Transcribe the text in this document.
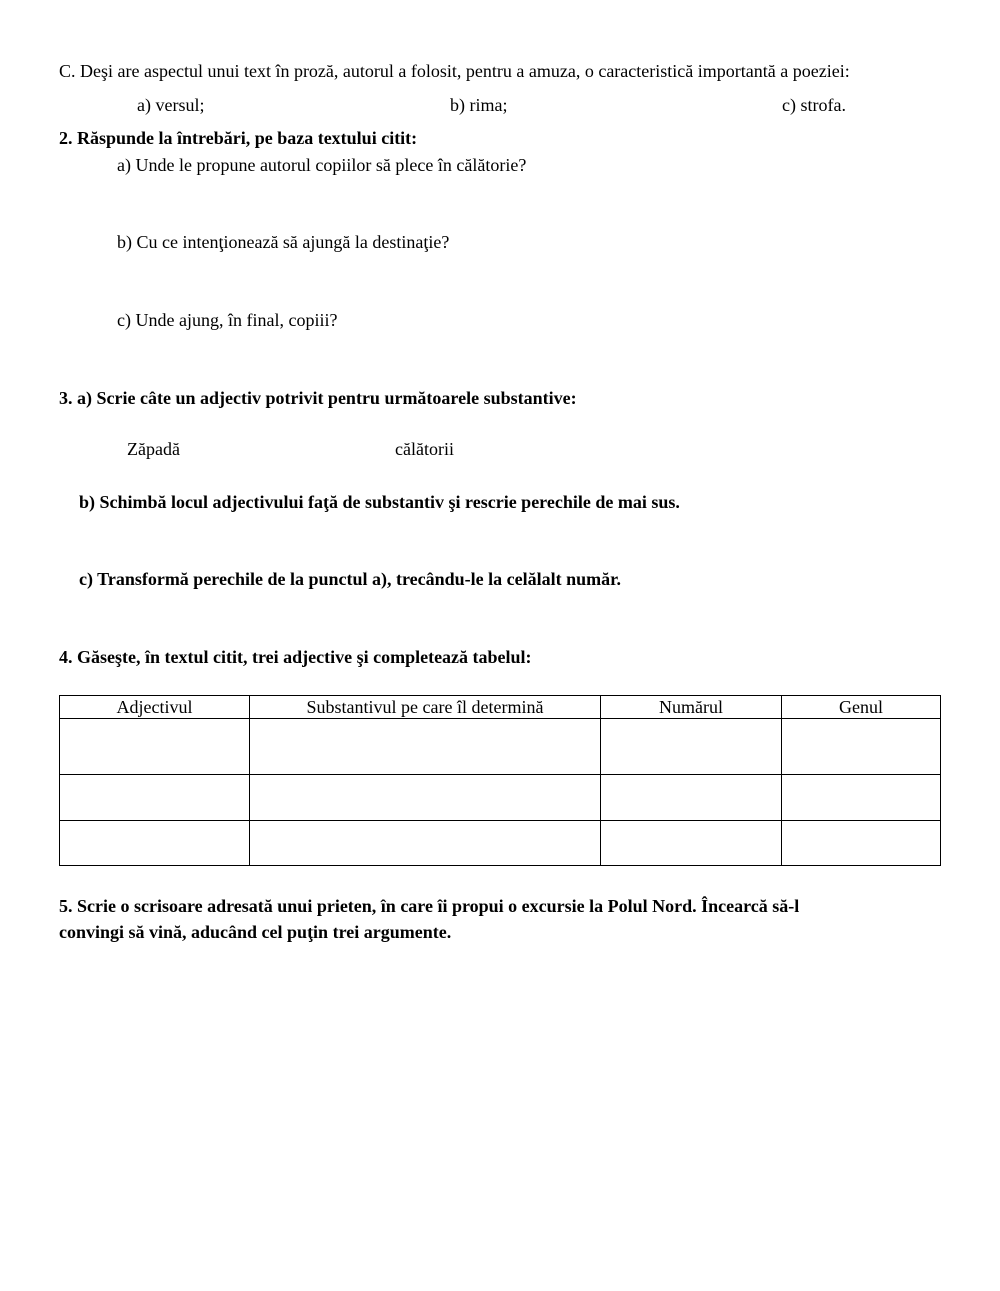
C. Deşi are aspectul unui text în proză, autorul a folosit, pentru a amuza, o caracteristică importantă a poeziei:
a) versul;	b) rima;	c) strofa.
2. Răspunde la întrebări, pe baza textului citit:
a) Unde le propune autorul copiilor să plece în călătorie?
b) Cu ce intenţionează să ajungă la destinaţie?
c) Unde ajung, în final, copiii?
3. a) Scrie câte un adjectiv potrivit pentru următoarele substantive:
Zăpadă	călătorii
b) Schimbă locul adjectivului faţă de substantiv şi rescrie perechile de mai sus.
c) Transformă perechile de la punctul a), trecându-le la celălalt număr.
4. Găseşte, în textul citit, trei adjective şi completează tabelul:
Adjectivul	Substantivul pe care îl determină	Numărul	Genul

5. Scrie o scrisoare adresată unui prieten, în care îi propui o excursie la Polul Nord. Încearcă să-l
convingi să vină, aducând cel puţin trei argumente.
